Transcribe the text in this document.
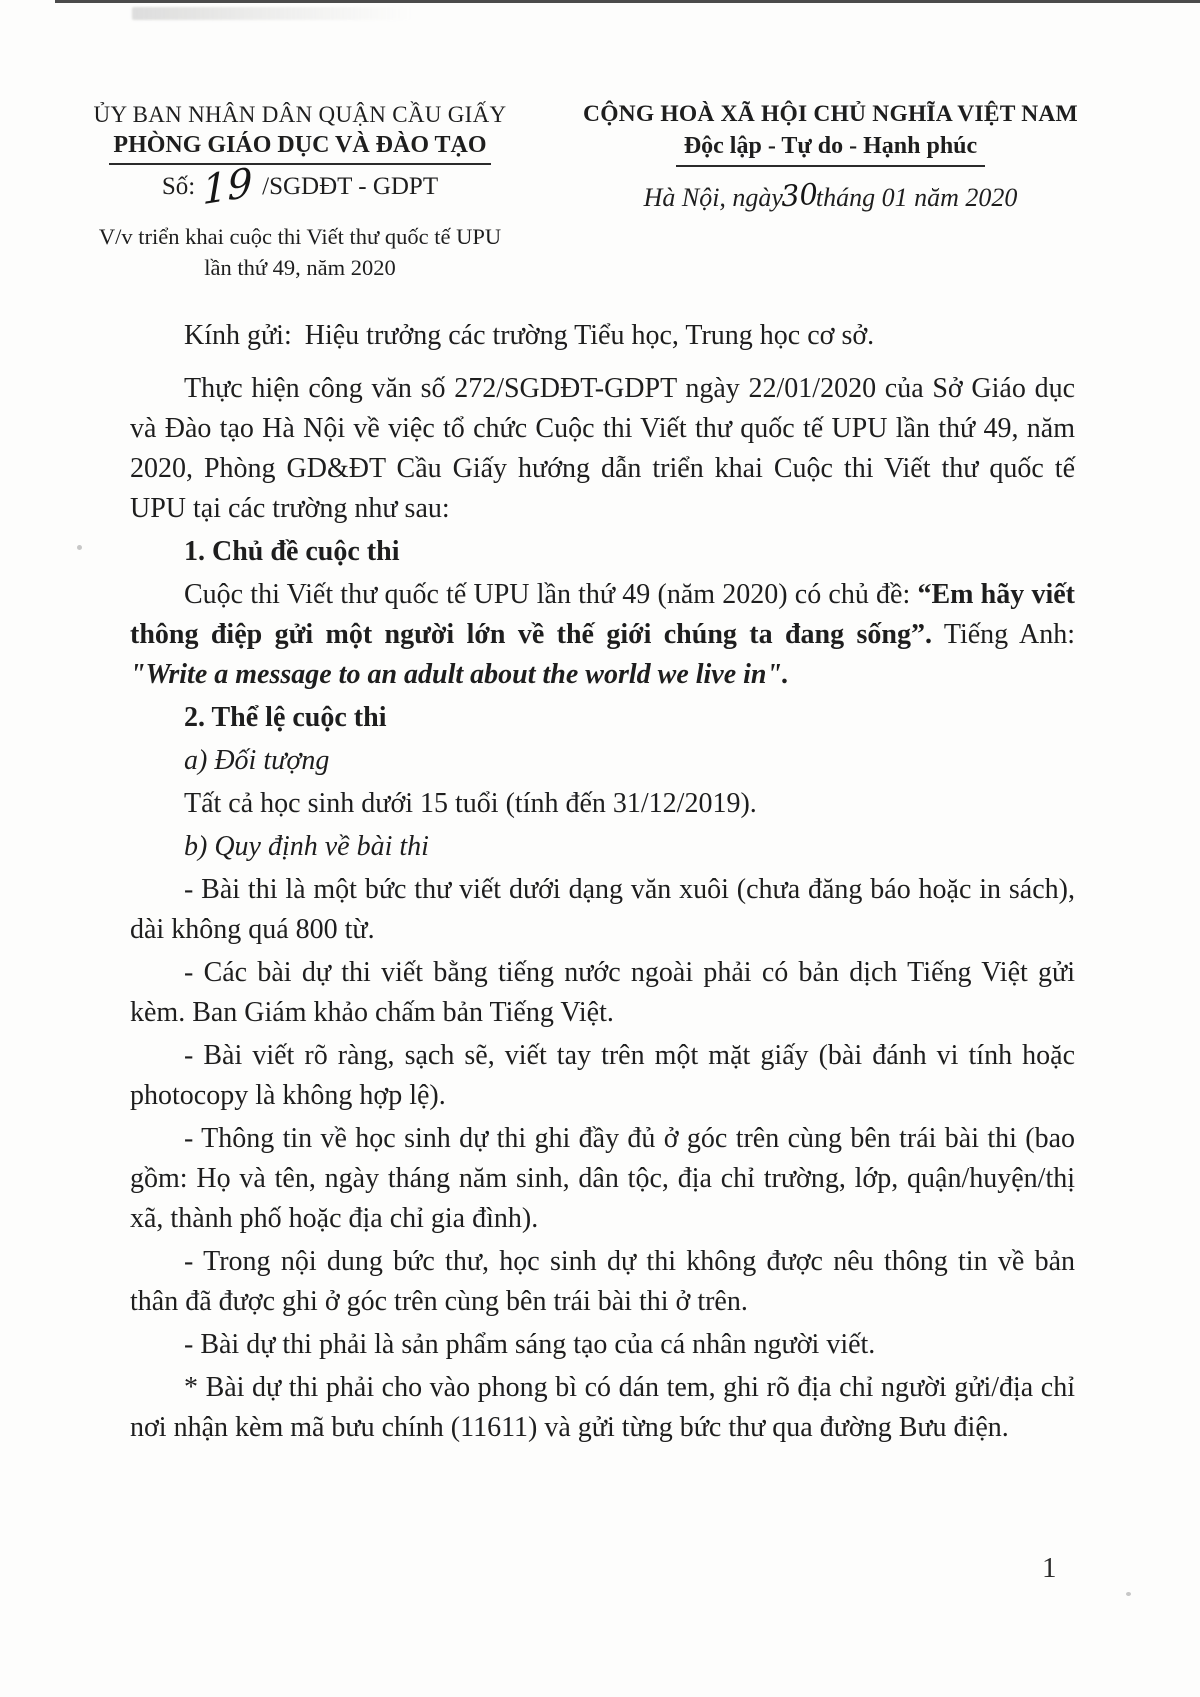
ỦY BAN NHÂN DÂN QUẬN CẦU GIẤY
PHÒNG GIÁO DỤC VÀ ĐÀO TẠO
Số: 19 /SGDĐT - GDPT
V/v triển khai cuộc thi Viết thư quốc tế UPU
lần thứ 49, năm 2020
CỘNG HOÀ XÃ HỘI CHỦ NGHĨA VIỆT NAM
Độc lập - Tự do - Hạnh phúc
Hà Nội, ngày30tháng 01 năm 2020

Kính gửi: Hiệu trưởng các trường Tiểu học, Trung học cơ sở.

Thực hiện công văn số 272/SGDĐT-GDPT ngày 22/01/2020 của Sở Giáo dục và Đào tạo Hà Nội về việc tổ chức Cuộc thi Viết thư quốc tế UPU lần thứ 49, năm 2020, Phòng GD&ĐT Cầu Giấy hướng dẫn triển khai Cuộc thi Viết thư quốc tế UPU tại các trường như sau:

1. Chủ đề cuộc thi

Cuộc thi Viết thư quốc tế UPU lần thứ 49 (năm 2020) có chủ đề: “Em hãy viết thông điệp gửi một người lớn về thế giới chúng ta đang sống”. Tiếng Anh: "Write a message to an adult about the world we live in".

2. Thể lệ cuộc thi

a) Đối tượng

Tất cả học sinh dưới 15 tuổi (tính đến 31/12/2019).

b) Quy định về bài thi

- Bài thi là một bức thư viết dưới dạng văn xuôi (chưa đăng báo hoặc in sách), dài không quá 800 từ.

- Các bài dự thi viết bằng tiếng nước ngoài phải có bản dịch Tiếng Việt gửi kèm. Ban Giám khảo chấm bản Tiếng Việt.

- Bài viết rõ ràng, sạch sẽ, viết tay trên một mặt giấy (bài đánh vi tính hoặc photocopy là không hợp lệ).

- Thông tin về học sinh dự thi ghi đầy đủ ở góc trên cùng bên trái bài thi (bao gồm: Họ và tên, ngày tháng năm sinh, dân tộc, địa chỉ trường, lớp, quận/huyện/thị xã, thành phố hoặc địa chỉ gia đình).

- Trong nội dung bức thư, học sinh dự thi không được nêu thông tin về bản thân đã được ghi ở góc trên cùng bên trái bài thi ở trên.

- Bài dự thi phải là sản phẩm sáng tạo của cá nhân người viết.

* Bài dự thi phải cho vào phong bì có dán tem, ghi rõ địa chỉ người gửi/địa chỉ nơi nhận kèm mã bưu chính (11611) và gửi từng bức thư qua đường Bưu điện.

1
